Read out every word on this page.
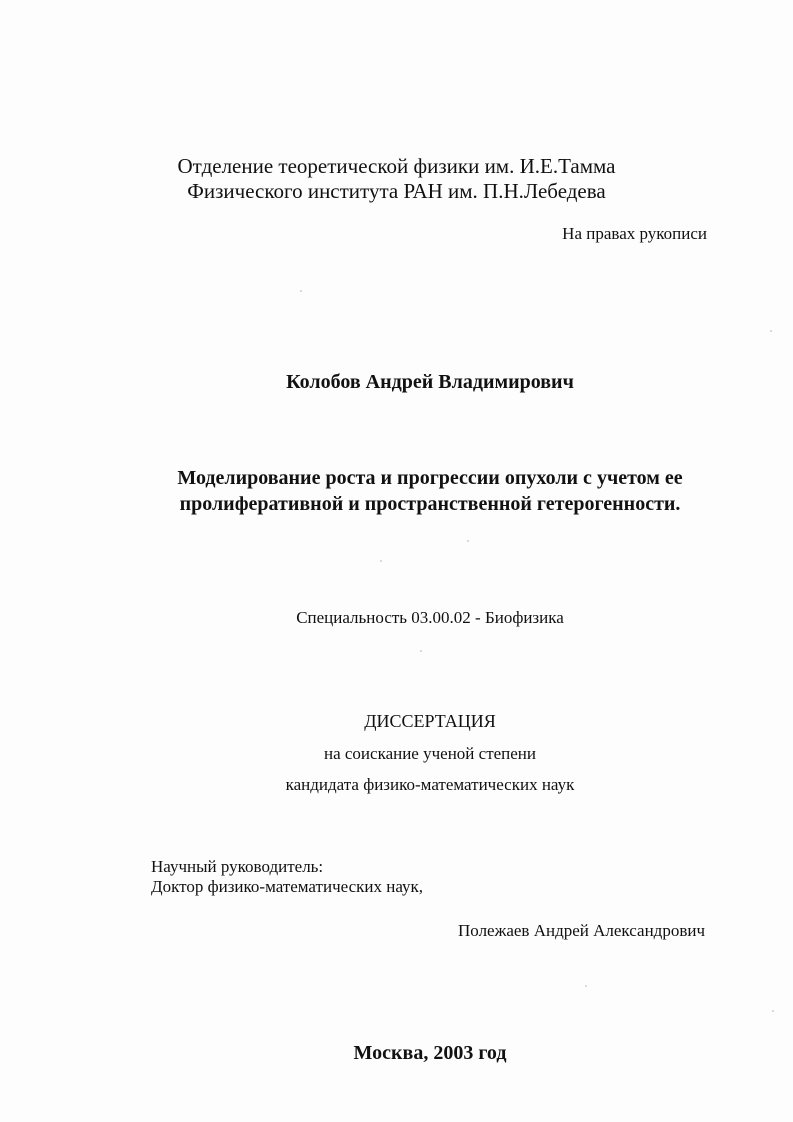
Отделение теоретической физики им. И.Е.Тамма
Физического института РАН им. П.Н.Лебедева
На правах рукописи
Колобов Андрей Владимирович
Моделирование роста и прогрессии опухоли с учетом ее
пролиферативной и пространственной гетерогенности.
Специальность 03.00.02 - Биофизика
ДИССЕРТАЦИЯ
на соискание ученой степени
кандидата физико-математических наук
Научный руководитель:
Доктор физико-математических наук,
Полежаев Андрей Александрович
Москва, 2003 год
